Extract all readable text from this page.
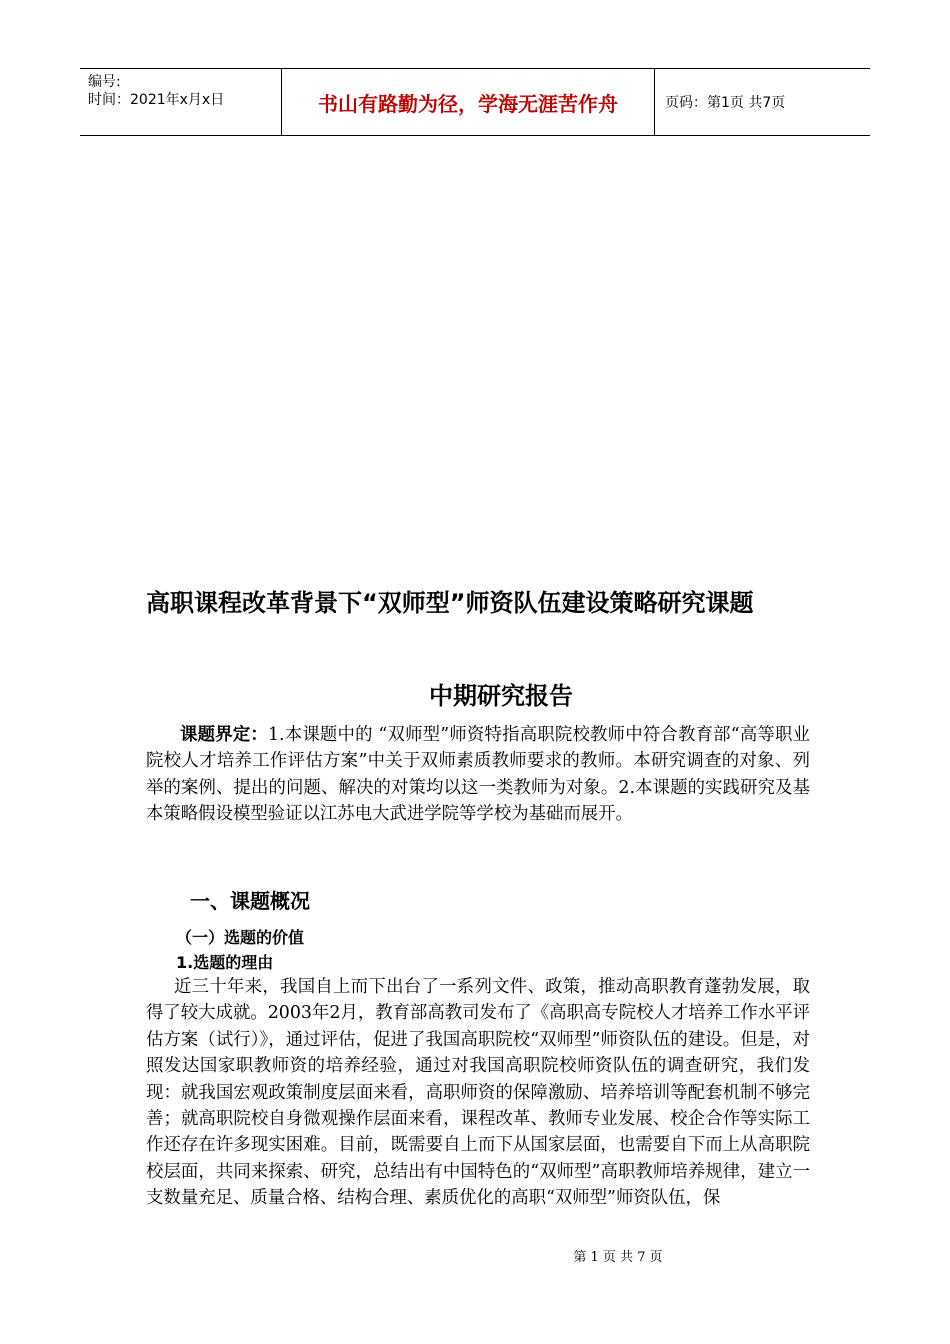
编号:
时间：2021年x月x日	书山有路勤为径，学海无涯苦作舟	页码：第1页 共7页
高职课程改革背景下“双师型”师资队伍建设策略研究课题
中期研究报告
课题界定：1.本课题中的 “双师型”师资特指高职院校教师中符合教育部“高等职业院校人才培养工作评估方案”中关于双师素质教师要求的教师。本研究调查的对象、列举的案例、提出的问题、解决的对策均以这一类教师为对象。2.本课题的实践研究及基本策略假设模型验证以江苏电大武进学院等学校为基础而展开。
一、课题概况
（一）选题的价值
1.选题的理由
近三十年来，我国自上而下出台了一系列文件、政策，推动高职教育蓬勃发展，取得了较大成就。2003年2月，教育部高教司发布了《高职高专院校人才培养工作水平评估方案（试行）》，通过评估，促进了我国高职院校“双师型”师资队伍的建设。但是，对照发达国家职教师资的培养经验，通过对我国高职院校师资队伍的调查研究，我们发现：就我国宏观政策制度层面来看，高职师资的保障激励、培养培训等配套机制不够完善；就高职院校自身微观操作层面来看，课程改革、教师专业发展、校企合作等实际工作还存在许多现实困难。目前，既需要自上而下从国家层面，也需要自下而上从高职院校层面，共同来探索、研究，总结出有中国特色的“双师型”高职教师培养规律，建立一支数量充足、质量合格、结构合理、素质优化的高职“双师型”师资队伍，保
第 1 页 共 7 页
